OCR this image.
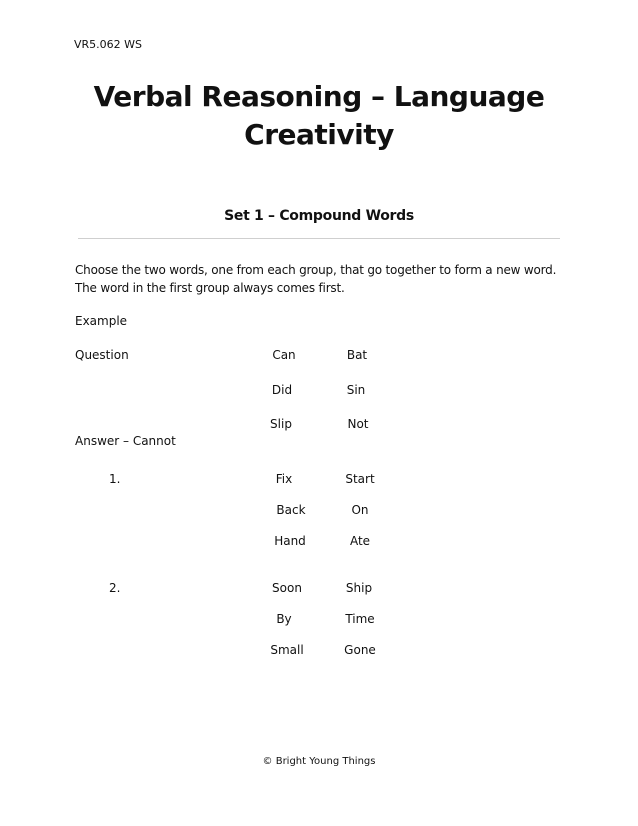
VR5.062 WS
Verbal Reasoning – Language
Creativity
Set 1 – Compound Words
Choose the two words, one from each group, that go together to form a new word. The word in the first group always comes first.
Example
Question	Can	Bat
Did	Sin
Slip	Not
Answer – Cannot
1.	Fix	Start
Back	On
Hand	Ate
2.	Soon	Ship
By	Time
Small	Gone
© Bright Young Things
